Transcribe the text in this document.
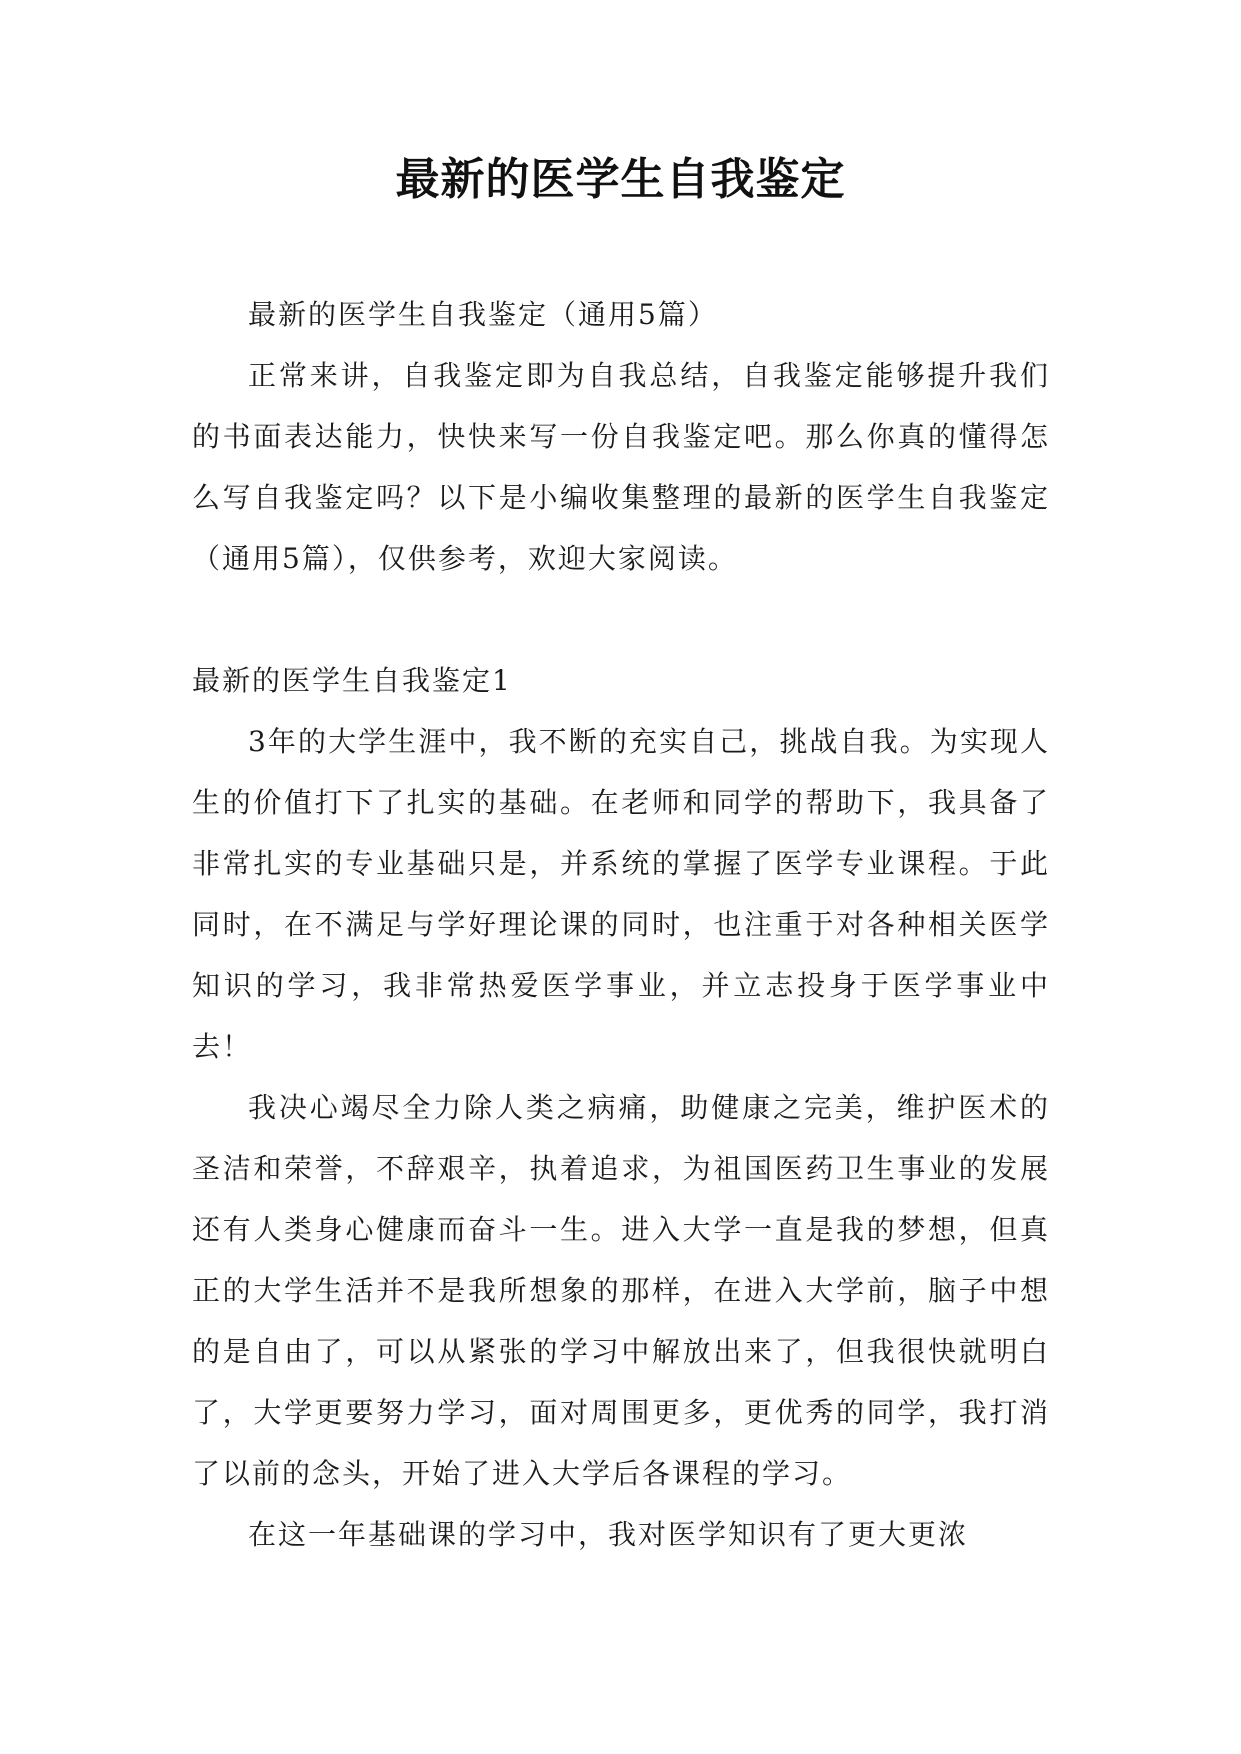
最新的医学生自我鉴定

最新的医学生自我鉴定（通用5篇）

正常来讲，自我鉴定即为自我总结，自我鉴定能够提升我们的书面表达能力，快快来写一份自我鉴定吧。那么你真的懂得怎么写自我鉴定吗？以下是小编收集整理的最新的医学生自我鉴定（通用5篇），仅供参考，欢迎大家阅读。

最新的医学生自我鉴定1

3年的大学生涯中，我不断的充实自己，挑战自我。为实现人生的价值打下了扎实的基础。在老师和同学的帮助下，我具备了非常扎实的专业基础只是，并系统的掌握了医学专业课程。于此同时，在不满足与学好理论课的同时，也注重于对各种相关医学知识的学习，我非常热爱医学事业，并立志投身于医学事业中去！

我决心竭尽全力除人类之病痛，助健康之完美，维护医术的圣洁和荣誉，不辞艰辛，执着追求，为祖国医药卫生事业的发展还有人类身心健康而奋斗一生。进入大学一直是我的梦想，但真正的大学生活并不是我所想象的那样，在进入大学前，脑子中想的是自由了，可以从紧张的学习中解放出来了，但我很快就明白了，大学更要努力学习，面对周围更多，更优秀的同学，我打消了以前的念头，开始了进入大学后各课程的学习。

在这一年基础课的学习中，我对医学知识有了更大更浓
